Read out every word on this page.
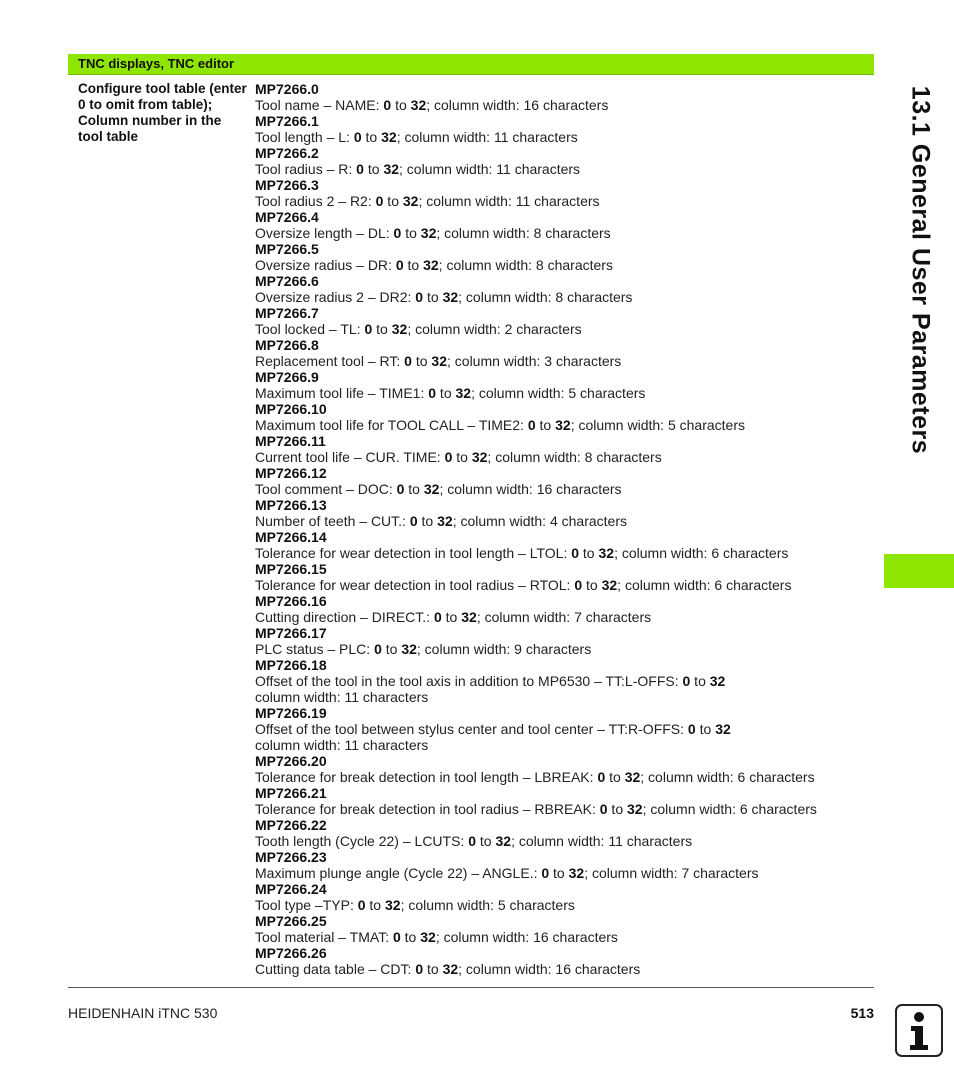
TNC displays, TNC editor
Configure tool table (enter 0 to omit from table); Column number in the tool table
MP7266.0
Tool name – NAME: 0 to 32; column width: 16 characters
MP7266.1
Tool length – L: 0 to 32; column width: 11 characters
MP7266.2
Tool radius – R: 0 to 32; column width: 11 characters
MP7266.3
Tool radius 2 – R2: 0 to 32; column width: 11 characters
MP7266.4
Oversize length – DL: 0 to 32; column width: 8 characters
MP7266.5
Oversize radius – DR: 0 to 32; column width: 8 characters
MP7266.6
Oversize radius 2 – DR2: 0 to 32; column width: 8 characters
MP7266.7
Tool locked – TL: 0 to 32; column width: 2 characters
MP7266.8
Replacement tool – RT: 0 to 32; column width: 3 characters
MP7266.9
Maximum tool life – TIME1: 0 to 32; column width: 5 characters
MP7266.10
Maximum tool life for TOOL CALL – TIME2: 0 to 32; column width: 5 characters
MP7266.11
Current tool life – CUR. TIME: 0 to 32; column width: 8 characters
MP7266.12
Tool comment – DOC: 0 to 32; column width: 16 characters
MP7266.13
Number of teeth – CUT.: 0 to 32; column width: 4 characters
MP7266.14
Tolerance for wear detection in tool length – LTOL: 0 to 32; column width: 6 characters
MP7266.15
Tolerance for wear detection in tool radius – RTOL: 0 to 32; column width: 6 characters
MP7266.16
Cutting direction – DIRECT.: 0 to 32; column width: 7 characters
MP7266.17
PLC status – PLC: 0 to 32; column width: 9 characters
MP7266.18
Offset of the tool in the tool axis in addition to MP6530 – TT:L-OFFS: 0 to 32
column width: 11 characters
MP7266.19
Offset of the tool between stylus center and tool center – TT:R-OFFS: 0 to 32
column width: 11 characters
MP7266.20
Tolerance for break detection in tool length – LBREAK: 0 to 32; column width: 6 characters
MP7266.21
Tolerance for break detection in tool radius – RBREAK: 0 to 32; column width: 6 characters
MP7266.22
Tooth length (Cycle 22) – LCUTS: 0 to 32; column width: 11 characters
MP7266.23
Maximum plunge angle (Cycle 22) – ANGLE.: 0 to 32; column width: 7 characters
MP7266.24
Tool type –TYP: 0 to 32; column width: 5 characters
MP7266.25
Tool material – TMAT: 0 to 32; column width: 16 characters
MP7266.26
Cutting data table – CDT: 0 to 32; column width: 16 characters
HEIDENHAIN iTNC 530	513
13.1 General User Parameters
